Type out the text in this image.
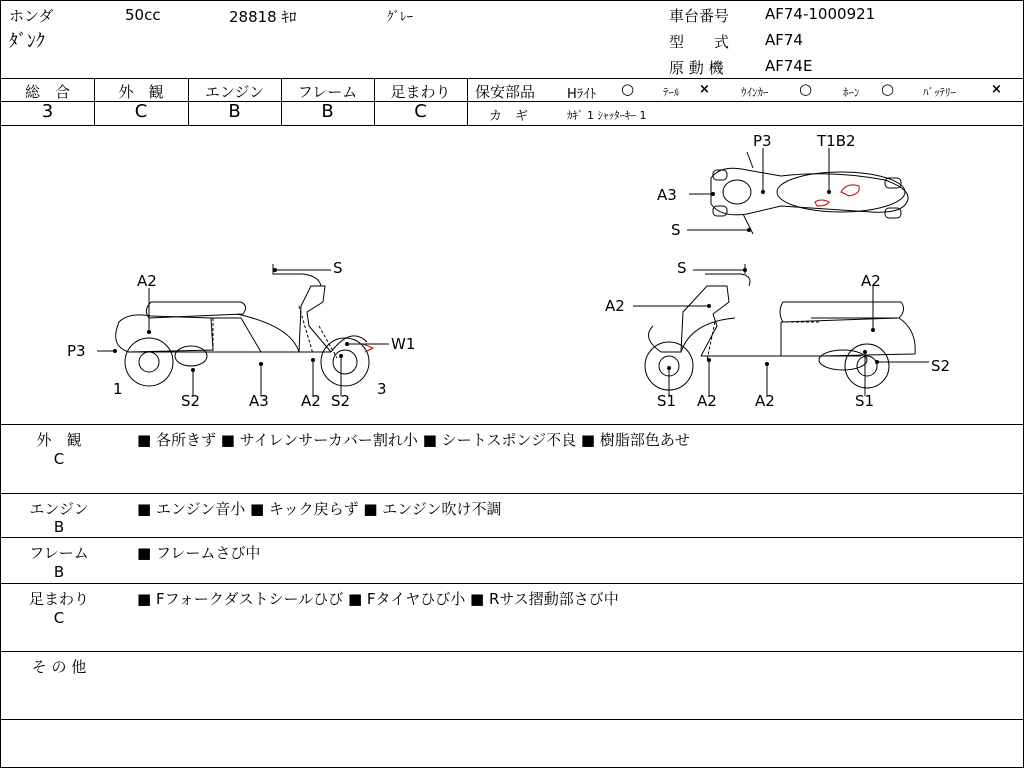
ホンダ	50cc	28818 ｷﾛ	ｸﾞﾚｰ
ﾀﾞﾝｸ
車台番号 AF74-1000921
型　　式 AF74
原 動 機	AF74E
総　合	外　観	エンジン	フレーム	足まわり
3	C	B	B	C
保安部品 Hﾗｲﾄ ○	ﾃｰﾙ ×	ｳｲﾝｶｰ ○	ﾎｰﾝ ○	ﾊﾞｯﾃﾘｰ	×
カ　ギ	ｶｷﾞ 1 ｼｬｯﾀｰｷｰ 1
A2
S
P3	W1
1
S2	A3 A2 S2
3
S
A2
A2
S2
S1 A2	A2	S1
P3	T1B2
A3
S
外　観
C
■ 各所きず ■ サイレンサーカバー割れ小 ■ シートスポンジ不良 ■ 樹脂部色あせ
エンジン
B
■ エンジン音小 ■ キック戻らず ■ エンジン吹け不調
フレーム
B
■ フレームさび中
足まわり
C
■ Fフォークダストシールひび ■ Fタイヤひび小 ■ Rサス摺動部さび中
そ の 他
